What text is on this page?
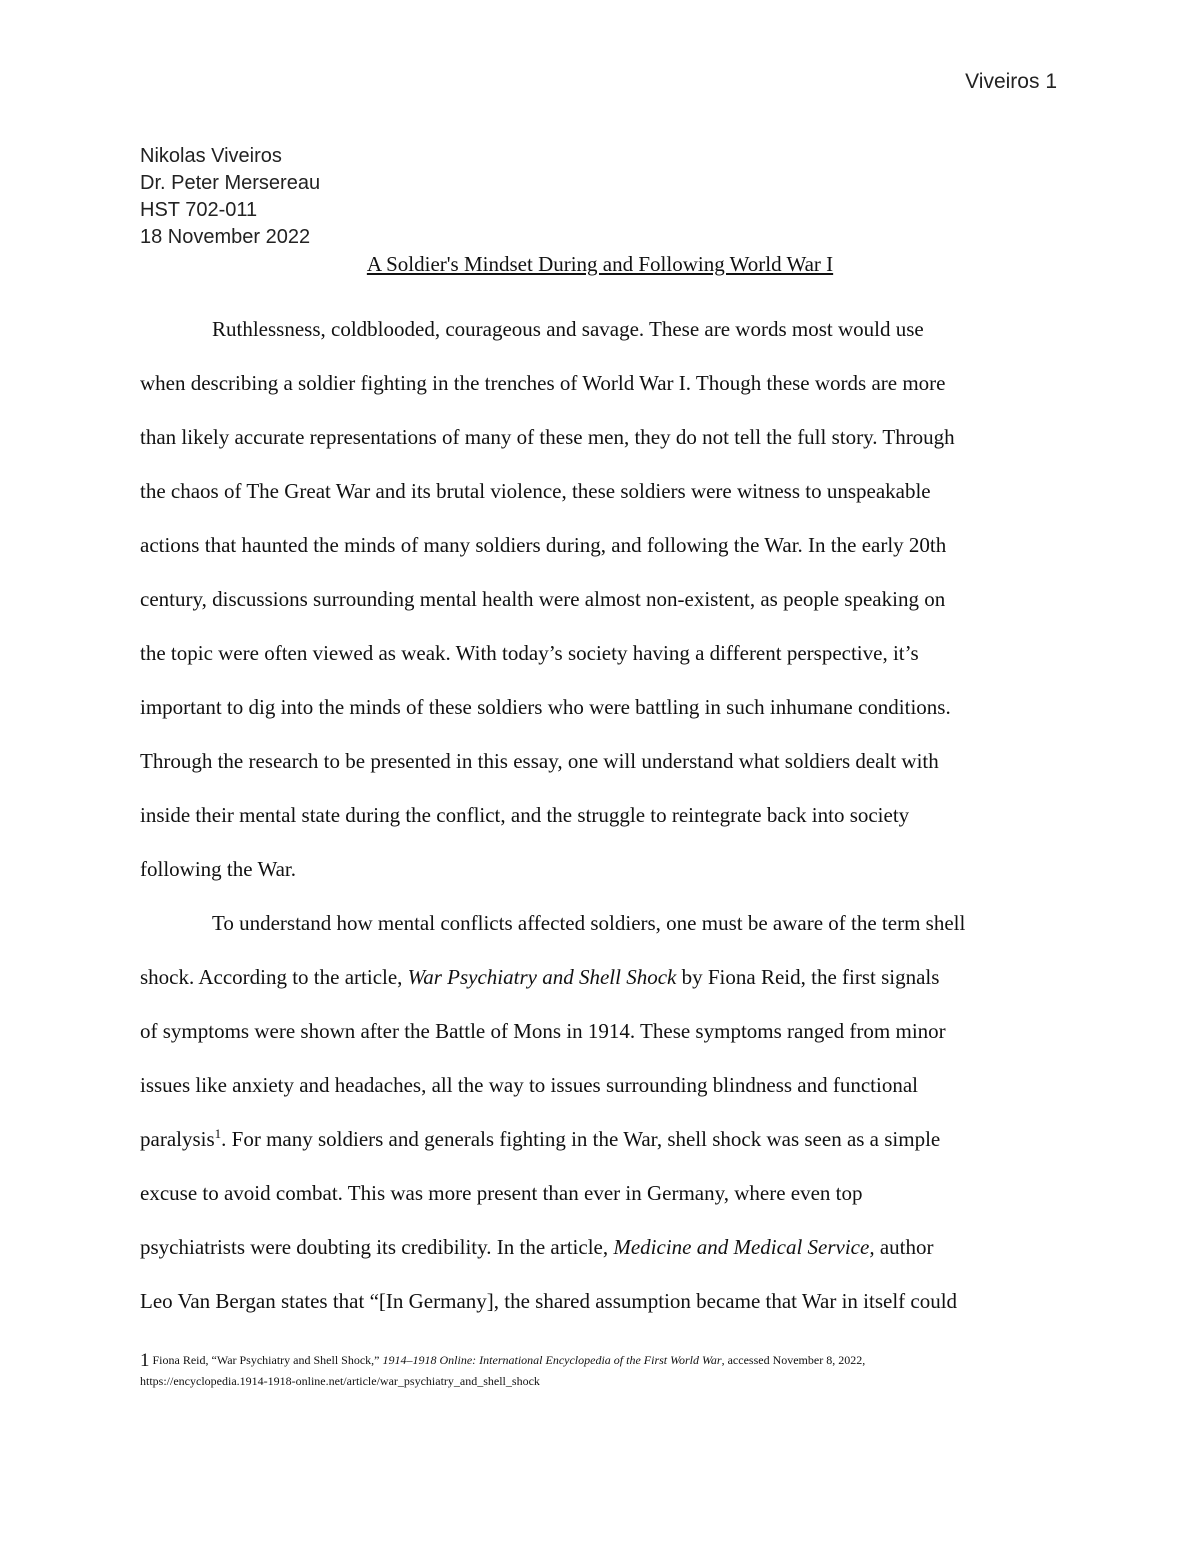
Viveiros 1
Nikolas Viveiros
Dr. Peter Mersereau
HST 702-011
18 November 2022
A Soldier's Mindset During and Following World War I
Ruthlessness, coldblooded, courageous and savage. These are words most would use
when describing a soldier fighting in the trenches of World War I. Though these words are more
than likely accurate representations of many of these men, they do not tell the full story. Through
the chaos of The Great War and its brutal violence, these soldiers were witness to unspeakable
actions that haunted the minds of many soldiers during, and following the War. In the early 20th
century, discussions surrounding mental health were almost non-existent, as people speaking on
the topic were often viewed as weak. With today’s society having a different perspective, it’s
important to dig into the minds of these soldiers who were battling in such inhumane conditions.
Through the research to be presented in this essay, one will understand what soldiers dealt with
inside their mental state during the conflict, and the struggle to reintegrate back into society
following the War.
To understand how mental conflicts affected soldiers, one must be aware of the term shell
shock. According to the article, War Psychiatry and Shell Shock by Fiona Reid, the first signals
of symptoms were shown after the Battle of Mons in 1914. These symptoms ranged from minor
issues like anxiety and headaches, all the way to issues surrounding blindness and functional
paralysis$^1$. For many soldiers and generals fighting in the War, shell shock was seen as a simple
excuse to avoid combat. This was more present than ever in Germany, where even top
psychiatrists were doubting its credibility. In the article, Medicine and Medical Service, author
Leo Van Bergan states that “[In Germany], the shared assumption became that War in itself could
1 Fiona Reid, “War Psychiatry and Shell Shock,” 1914–1918 Online: International Encyclopedia of the First World War, accessed November 8, 2022,
https://encyclopedia.1914-1918-online.net/article/war_psychiatry_and_shell_shock
